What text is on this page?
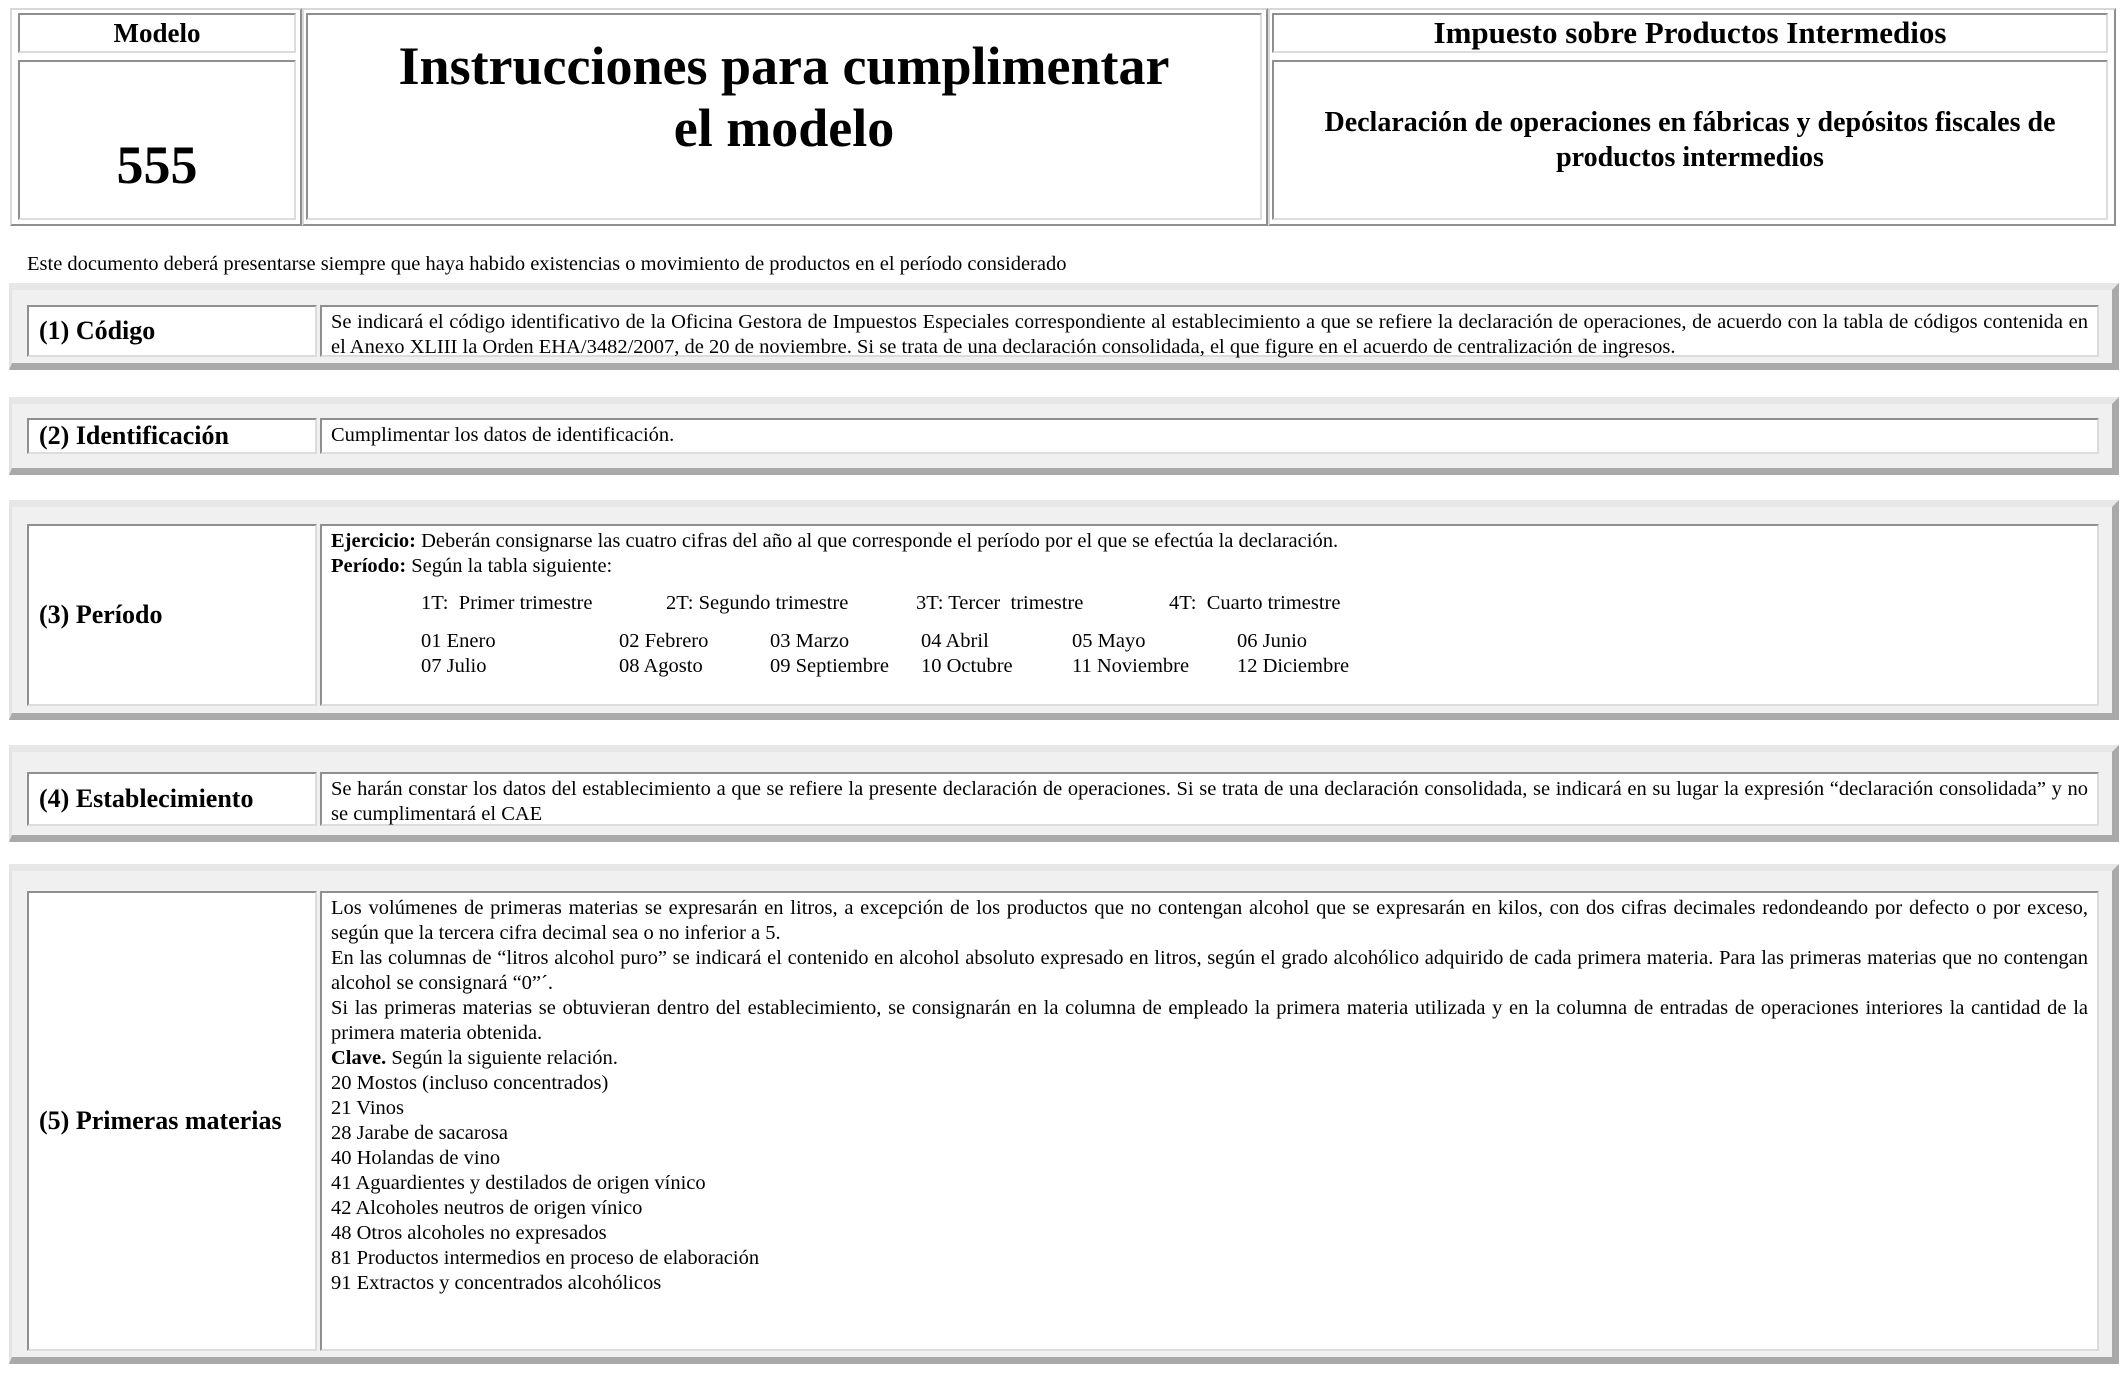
Modelo
555
Instrucciones para cumplimentar el modelo
Impuesto sobre Productos Intermedios
Declaración de operaciones en fábricas y depósitos fiscales de productos intermedios
Este documento deberá presentarse siempre que haya habido existencias o movimiento de productos en el período considerado
(1) Código	Se indicará el código identificativo de la Oficina Gestora de Impuestos Especiales correspondiente al establecimiento a que se refiere la declaración de operaciones, de acuerdo con la tabla de códigos contenida en el Anexo XLIII la Orden EHA/3482/2007, de 20 de noviembre. Si se trata de una declaración consolidada, el que figure en el acuerdo de centralización de ingresos.
(2) Identificación	Cumplimentar los datos de identificación.
(3) Período
Ejercicio: Deberán consignarse las cuatro cifras del año al que corresponde el período por el que se efectúa la declaración.
Período: Según la tabla siguiente:
1T:  Primer trimestre	2T: Segundo trimestre	3T: Tercer  trimestre	4T:  Cuarto trimestre
01 Enero	02 Febrero	03 Marzo	04 Abril	05 Mayo	06 Junio
07 Julio	08 Agosto	09 Septiembre	10 Octubre	11 Noviembre	12 Diciembre
(4) Establecimiento	Se harán constar los datos del establecimiento a que se refiere la presente declaración de operaciones. Si se trata de una declaración consolidada, se indicará en su lugar la expresión “declaración consolidada” y no se cumplimentará el CAE
(5) Primeras materias
Los volúmenes de primeras materias se expresarán en litros, a excepción de los productos que no contengan alcohol que se expresarán en kilos, con dos cifras decimales redondeando por defecto o por exceso, según que la tercera cifra decimal sea o no inferior a 5.
En las columnas de “litros alcohol puro” se indicará el contenido en alcohol absoluto expresado en litros, según el grado alcohólico adquirido de cada primera materia. Para las primeras materias que no contengan alcohol se consignará “0”´.
Si las primeras materias se obtuvieran dentro del establecimiento, se consignarán en la columna de empleado la primera materia utilizada y en la columna de entradas de operaciones interiores la cantidad de la primera materia obtenida.
Clave. Según la siguiente relación.
20 Mostos (incluso concentrados)
21 Vinos
28 Jarabe de sacarosa
40 Holandas de vino
41 Aguardientes y destilados de origen vínico
42 Alcoholes neutros de origen vínico
48 Otros alcoholes no expresados
81 Productos intermedios en proceso de elaboración
91 Extractos y concentrados alcohólicos
